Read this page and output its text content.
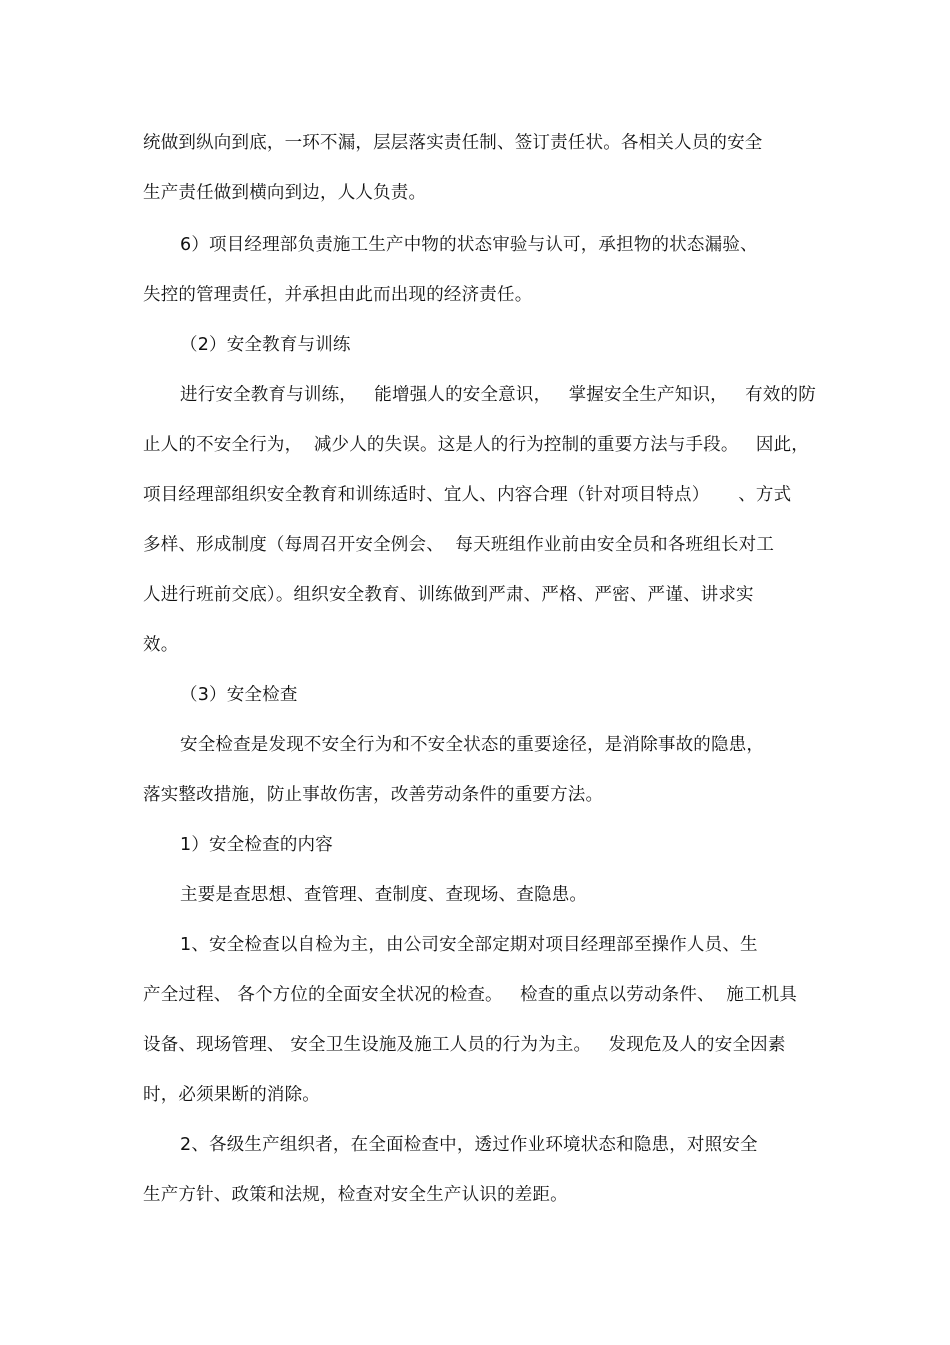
统做到纵向到底，一环不漏，层层落实责任制、签订责任状。各相关人员的安全
生产责任做到横向到边，人人负责。
6）项目经理部负责施工生产中物的状态审验与认可，承担物的状态漏验、
失控的管理责任，并承担由此而出现的经济责任。
（2）安全教育与训练
进行安全教育与训练，   能增强人的安全意识，   掌握安全生产知识，   有效的防
止人的不安全行为，  减少人的失误。这是人的行为控制的重要方法与手段。   因此，
项目经理部组织安全教育和训练适时、宜人、内容合理（针对项目特点）     、方式
多样、形成制度（每周召开安全例会、  每天班组作业前由安全员和各班组长对工
人进行班前交底）。组织安全教育、训练做到严肃、严格、严密、严谨、讲求实
效。
（3）安全检查
安全检查是发现不安全行为和不安全状态的重要途径，是消除事故的隐患，
落实整改措施，防止事故伤害，改善劳动条件的重要方法。
1）安全检查的内容
主要是查思想、查管理、查制度、查现场、查隐患。
1、安全检查以自检为主，由公司安全部定期对项目经理部至操作人员、生
产全过程、 各个方位的全面安全状况的检查。   检查的重点以劳动条件、  施工机具
设备、现场管理、 安全卫生设施及施工人员的行为为主。   发现危及人的安全因素
时，必须果断的消除。
2、各级生产组织者，在全面检查中，透过作业环境状态和隐患，对照安全
生产方针、政策和法规，检查对安全生产认识的差距。
